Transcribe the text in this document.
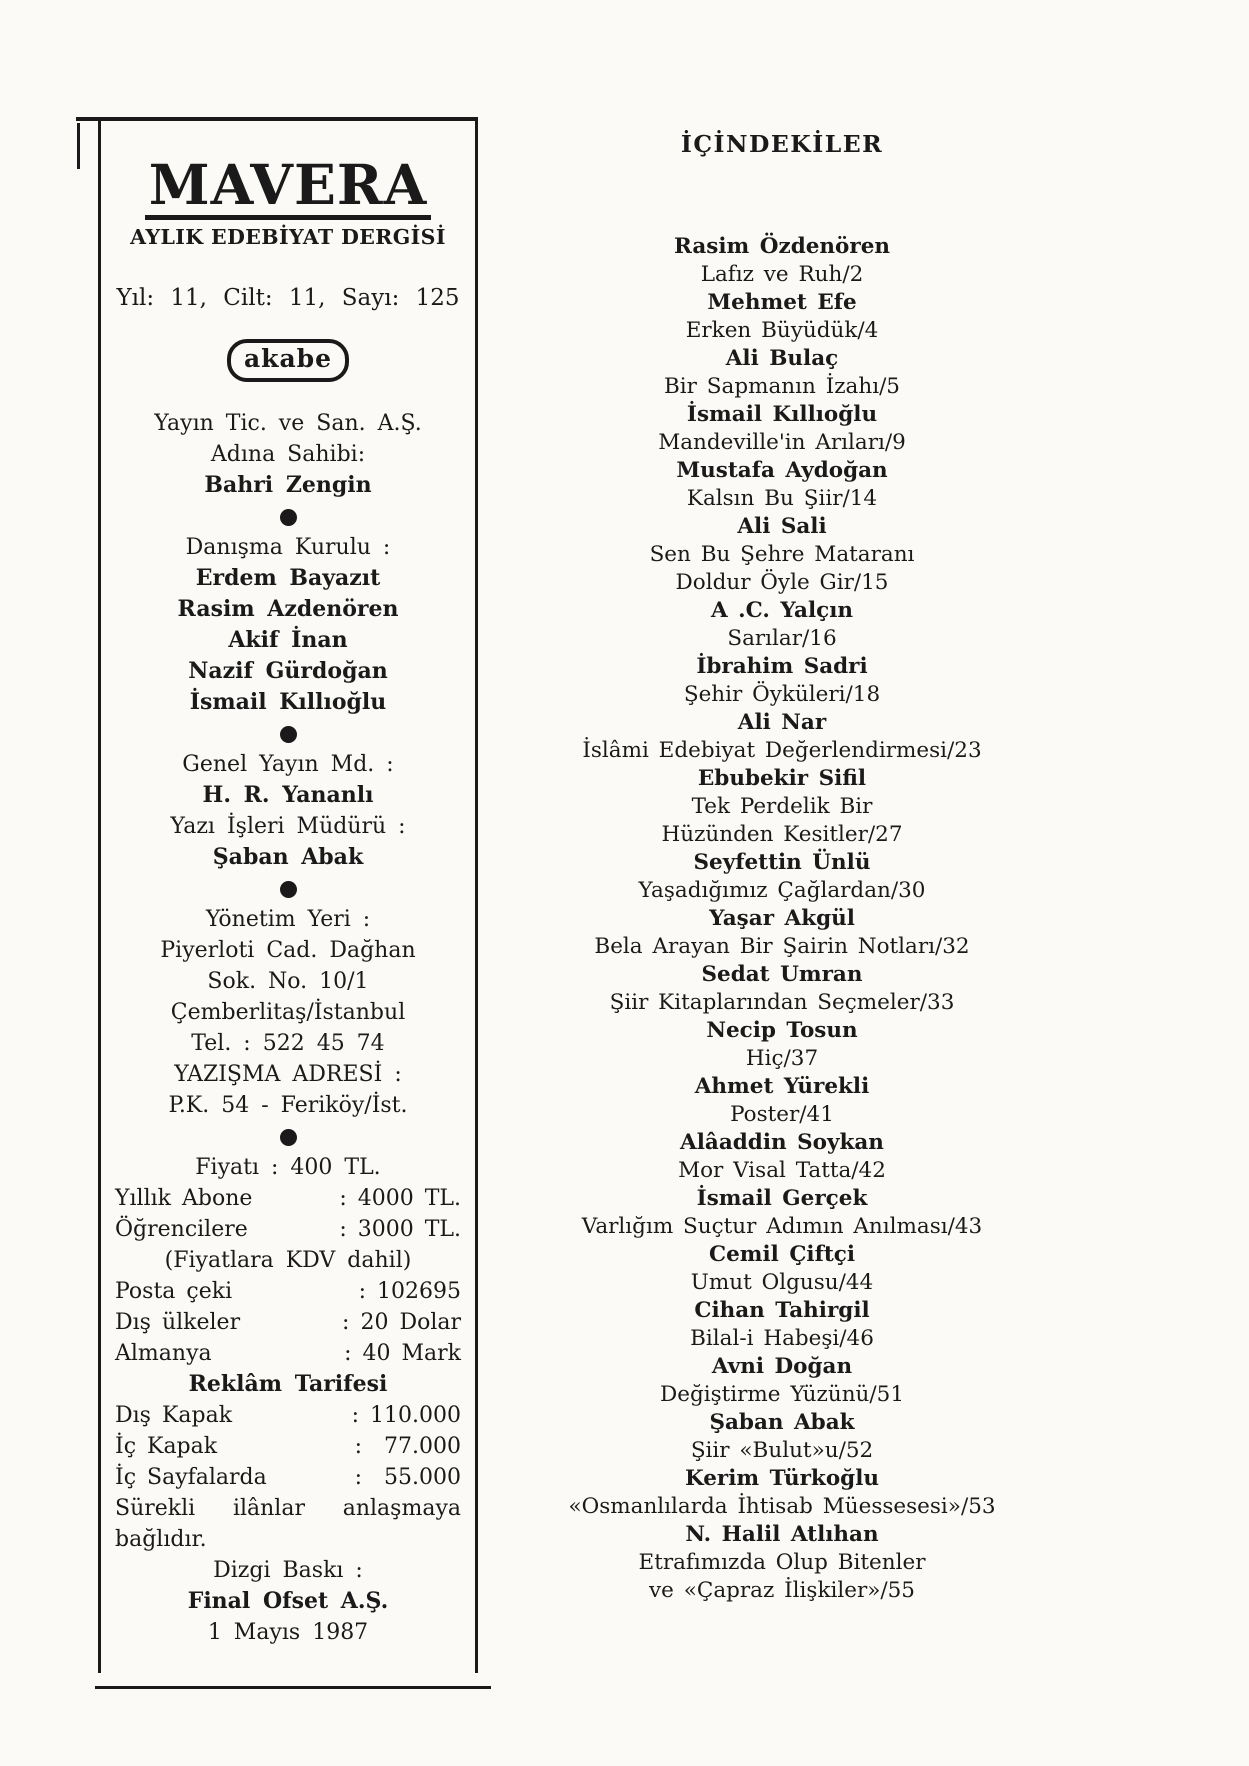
MAVERA
AYLIK EDEBİYAT DERGİSİ
Yıl: 11, Cilt: 11, Sayı: 125
akabe
Yayın Tic. ve San. A.Ş.
Adına Sahibi:
Bahri Zengin
Danışma Kurulu :
Erdem Bayazıt
Rasim Azdenören
Akif İnan
Nazif Gürdoğan
İsmail Kıllıoğlu
Genel Yayın Md. :
H. R. Yananlı
Yazı İşleri Müdürü :
Şaban Abak
Yönetim Yeri :
Piyerloti Cad. Dağhan
Sok. No. 10/1
Çemberlitaş/İstanbul
Tel. : 522 45 74
YAZIŞMA ADRESİ :
P.K. 54 - Feriköy/İst.
Fiyatı : 400 TL.
Yıllık Abone	: 4000 TL.
Öğrencilere	: 3000 TL.
(Fiyatlara KDV dahil)
Posta çeki	: 102695
Dış ülkeler	: 20 Dolar
Almanya	: 40 Mark
Reklâm Tarifesi
Dış Kapak	: 110.000
İç Kapak	:  77.000
İç Sayfalarda	:  55.000

Sürekli ilânlar anlaşmaya bağlıdır.

Dizgi Baskı :
Final Ofset A.Ş.
1 Mayıs 1987
İÇİNDEKİLER
Rasim Özdenören
Lafız ve Ruh/2
Mehmet Efe
Erken Büyüdük/4
Ali Bulaç
Bir Sapmanın İzahı/5
İsmail Kıllıoğlu
Mandeville'in Arıları/9
Mustafa Aydoğan
Kalsın Bu Şiir/14
Ali Sali
Sen Bu Şehre Mataranı
Doldur Öyle Gir/15
A .C. Yalçın
Sarılar/16
İbrahim Sadri
Şehir Öyküleri/18
Ali Nar
İslâmi Edebiyat Değerlendirmesi/23
Ebubekir Sifil
Tek Perdelik Bir
Hüzünden Kesitler/27
Seyfettin Ünlü
Yaşadığımız Çağlardan/30
Yaşar Akgül
Bela Arayan Bir Şairin Notları/32
Sedat Umran
Şiir Kitaplarından Seçmeler/33
Necip Tosun
Hiç/37
Ahmet Yürekli
Poster/41
Alâaddin Soykan
Mor Visal Tatta/42
İsmail Gerçek
Varlığım Suçtur Adımın Anılması/43
Cemil Çiftçi
Umut Olgusu/44
Cihan Tahirgil
Bilal-i Habeşi/46
Avni Doğan
Değiştirme Yüzünü/51
Şaban Abak
Şiir «Bulut»u/52
Kerim Türkoğlu
«Osmanlılarda İhtisab Müessesesi»/53
N. Halil Atlıhan
Etrafımızda Olup Bitenler
ve «Çapraz İlişkiler»/55
